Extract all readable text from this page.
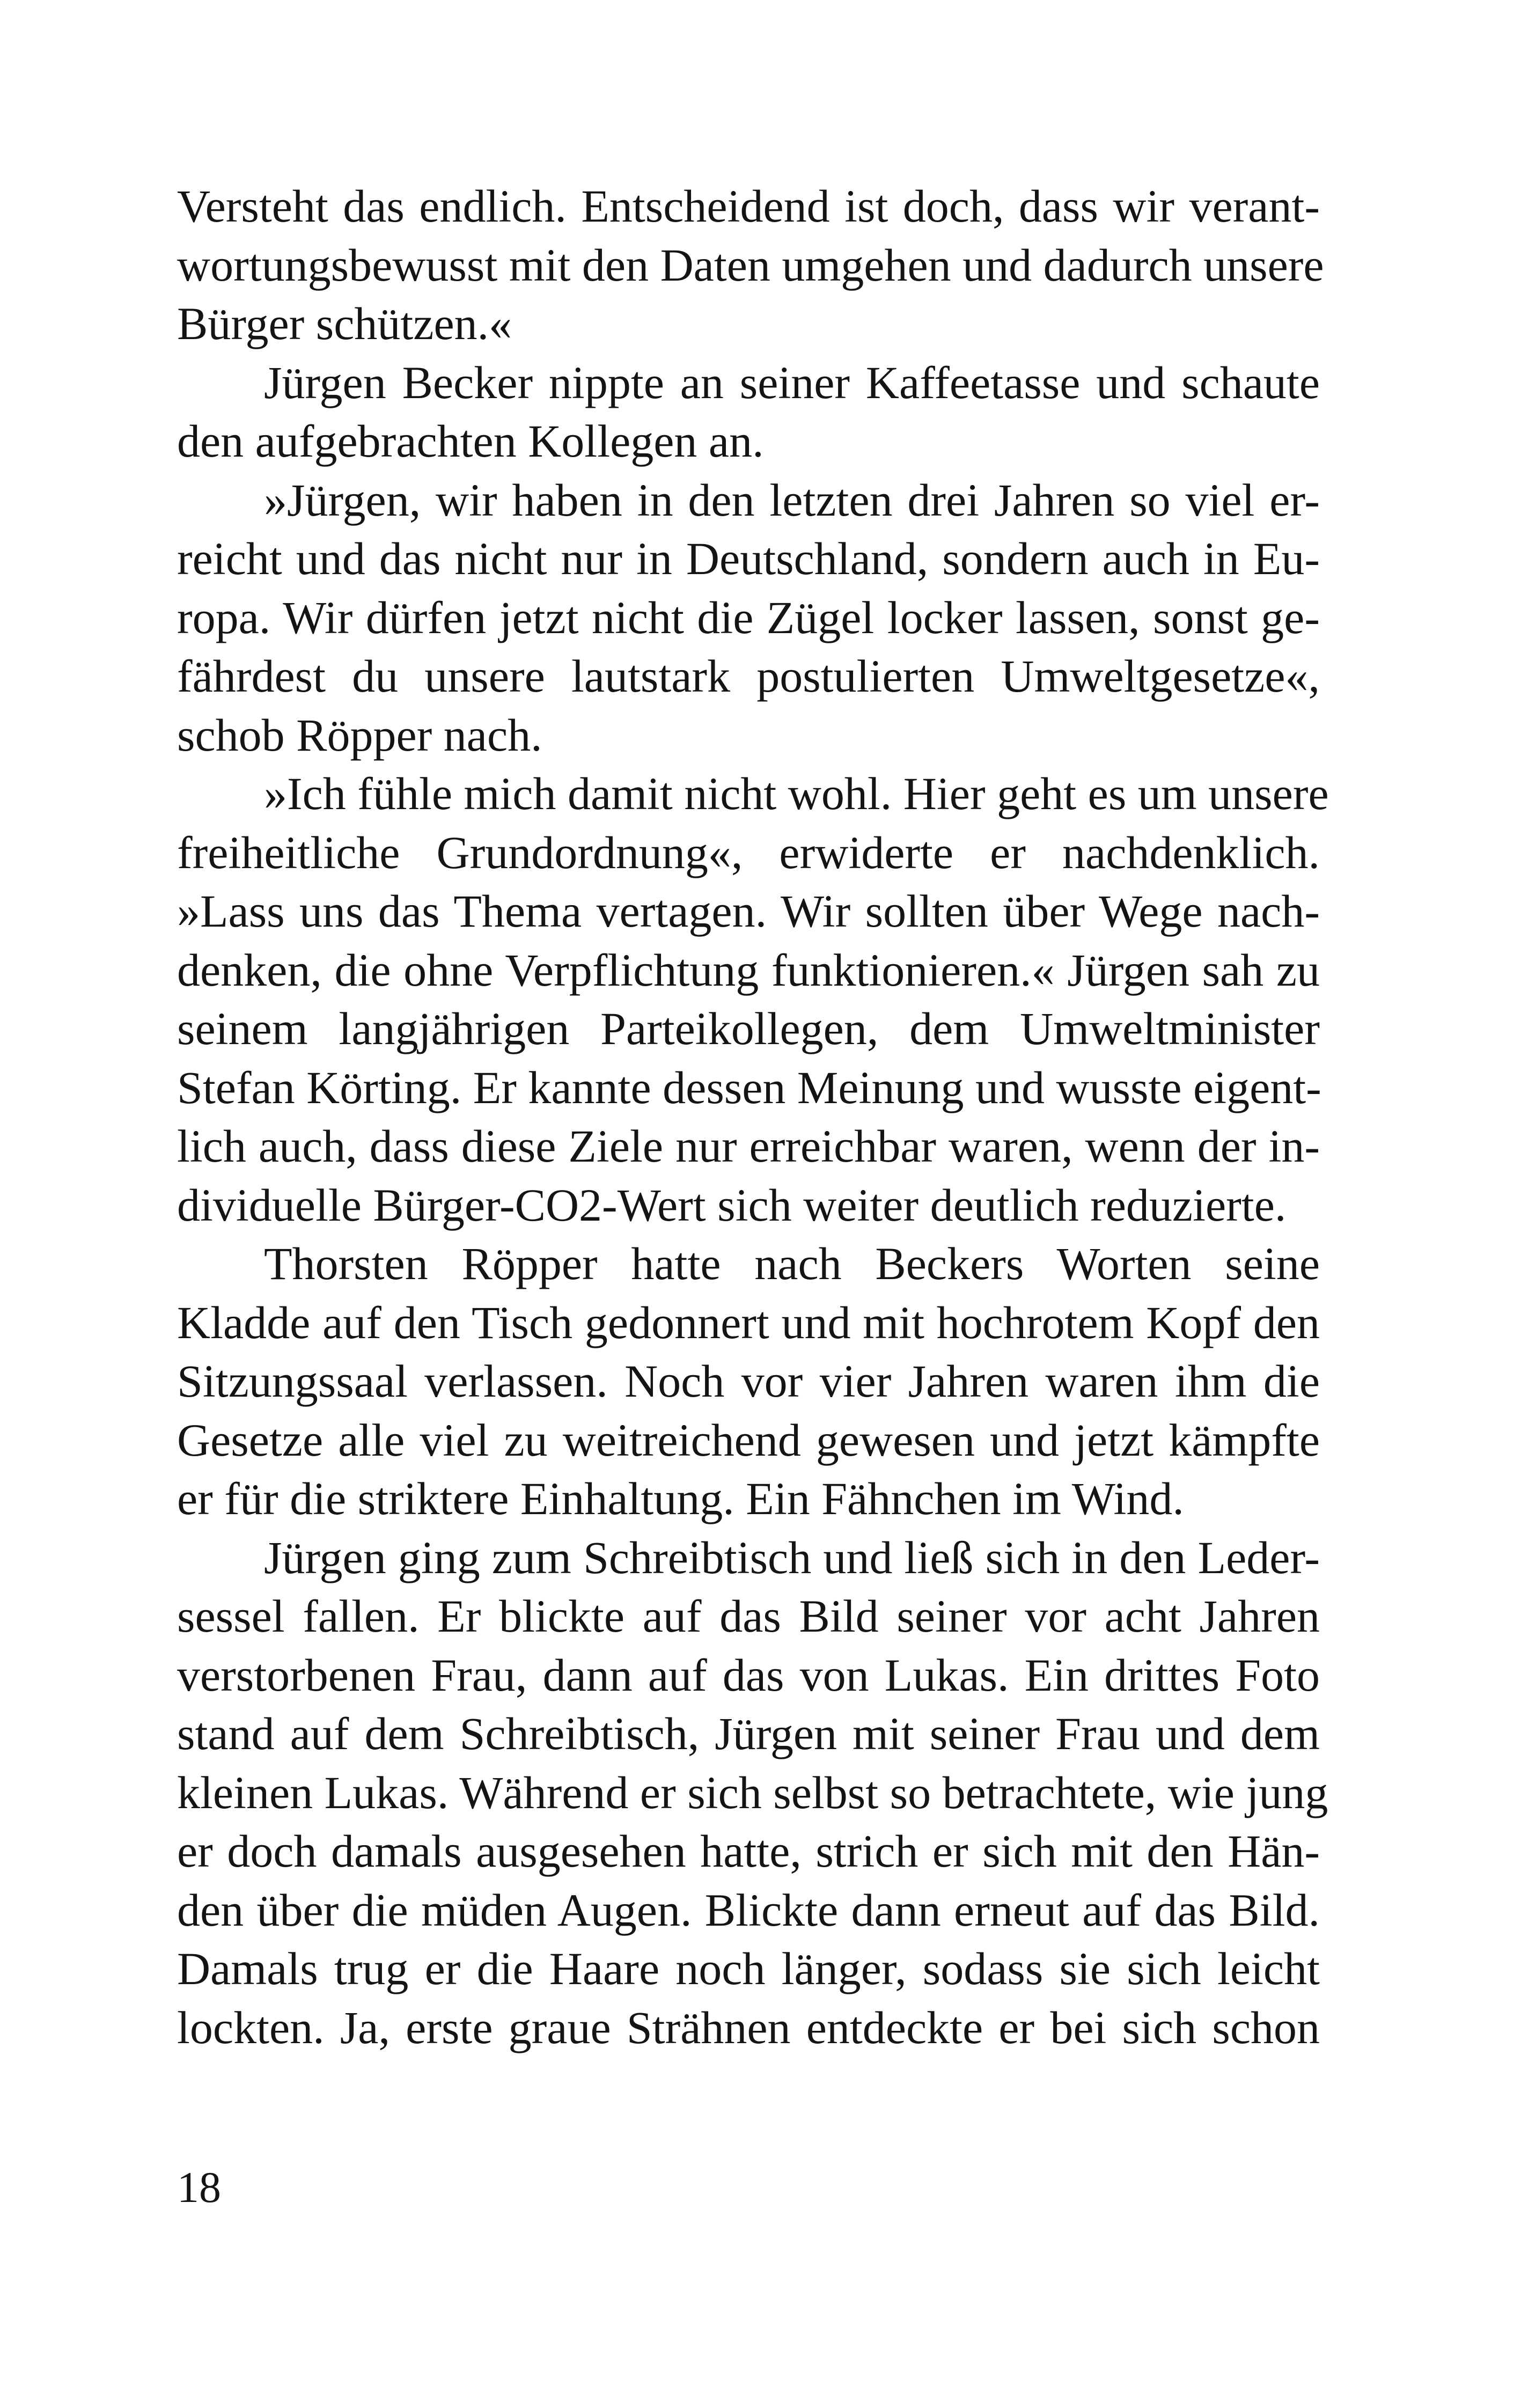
Versteht das endlich. Entscheidend ist doch, dass wir verant-
wortungsbewusst mit den Daten umgehen und dadurch unsere
Bürger schützen.«
Jürgen Becker nippte an seiner Kaffeetasse und schaute
den aufgebrachten Kollegen an.
»Jürgen, wir haben in den letzten drei Jahren so viel er-
reicht und das nicht nur in Deutschland, sondern auch in Eu-
ropa. Wir dürfen jetzt nicht die Zügel locker lassen, sonst ge-
fährdest du unsere lautstark postulierten Umweltgesetze«,
schob Röpper nach.
»Ich fühle mich damit nicht wohl. Hier geht es um unsere
freiheitliche Grundordnung«, erwiderte er nachdenklich.
»Lass uns das Thema vertagen. Wir sollten über Wege nach-
denken, die ohne Verpflichtung funktionieren.« Jürgen sah zu
seinem langjährigen Parteikollegen, dem Umweltminister
Stefan Körting. Er kannte dessen Meinung und wusste eigent-
lich auch, dass diese Ziele nur erreichbar waren, wenn der in-
dividuelle Bürger-CO2-Wert sich weiter deutlich reduzierte.
Thorsten Röpper hatte nach Beckers Worten seine
Kladde auf den Tisch gedonnert und mit hochrotem Kopf den
Sitzungssaal verlassen. Noch vor vier Jahren waren ihm die
Gesetze alle viel zu weitreichend gewesen und jetzt kämpfte
er für die striktere Einhaltung. Ein Fähnchen im Wind.
Jürgen ging zum Schreibtisch und ließ sich in den Leder-
sessel fallen. Er blickte auf das Bild seiner vor acht Jahren
verstorbenen Frau, dann auf das von Lukas. Ein drittes Foto
stand auf dem Schreibtisch, Jürgen mit seiner Frau und dem
kleinen Lukas. Während er sich selbst so betrachtete, wie jung
er doch damals ausgesehen hatte, strich er sich mit den Hän-
den über die müden Augen. Blickte dann erneut auf das Bild.
Damals trug er die Haare noch länger, sodass sie sich leicht
lockten. Ja, erste graue Strähnen entdeckte er bei sich schon
18
